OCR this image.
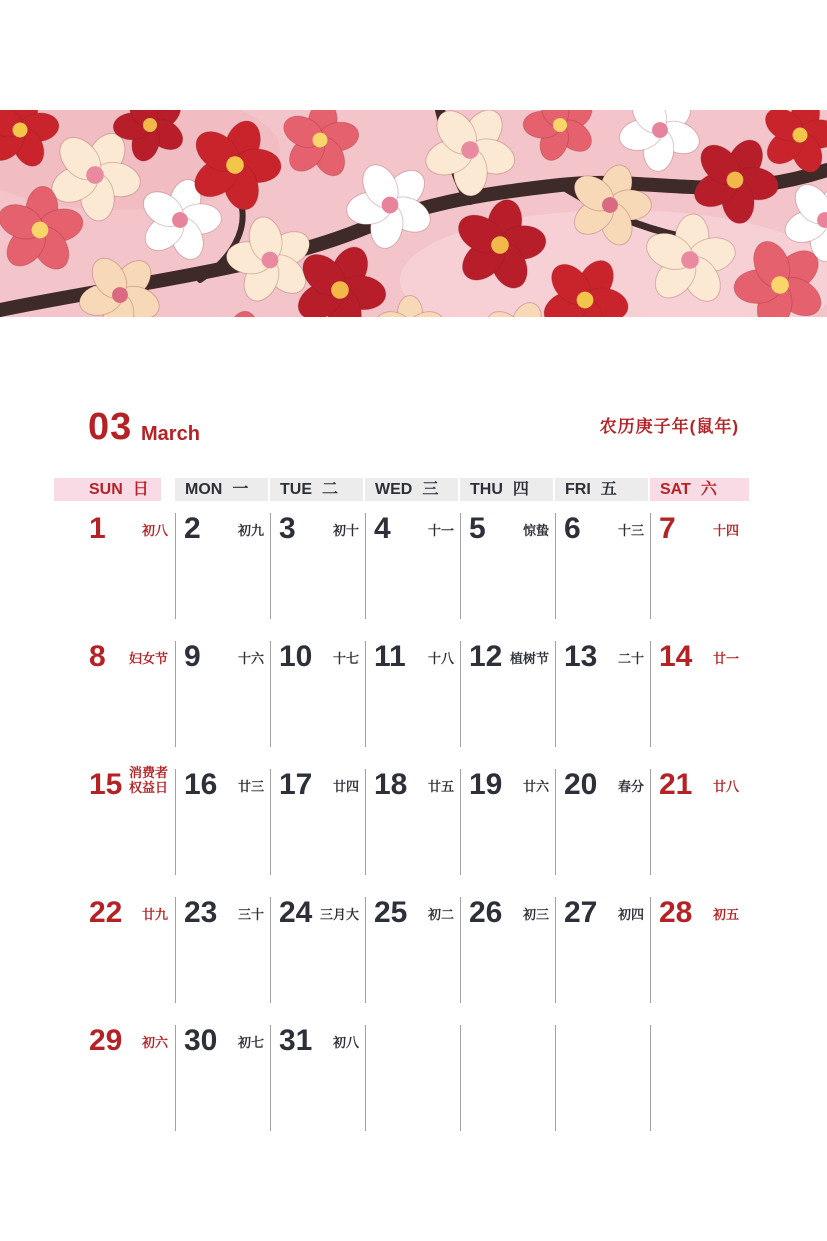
03 March	农历庚子年(鼠年)
SUN 日	MON 一	TUE 二	WED 三	THU 四	FRI 五	SAT 六
1	初八 2	初九 3	初十 4	十一 5	惊蛰 6	十三 7	十四
8 妇女节 9	十六 10 十七 11 十八 12 植树节 13 二十 14 廿一
15 消费者
权益日 16 廿三 17 廿四 18 廿五 19 廿六 20 春分 21 廿八
22 廿九 23 三十 24 三月大 25 初二 26 初三 27 初四 28 初五
29 初六 30 初七 31 初八
